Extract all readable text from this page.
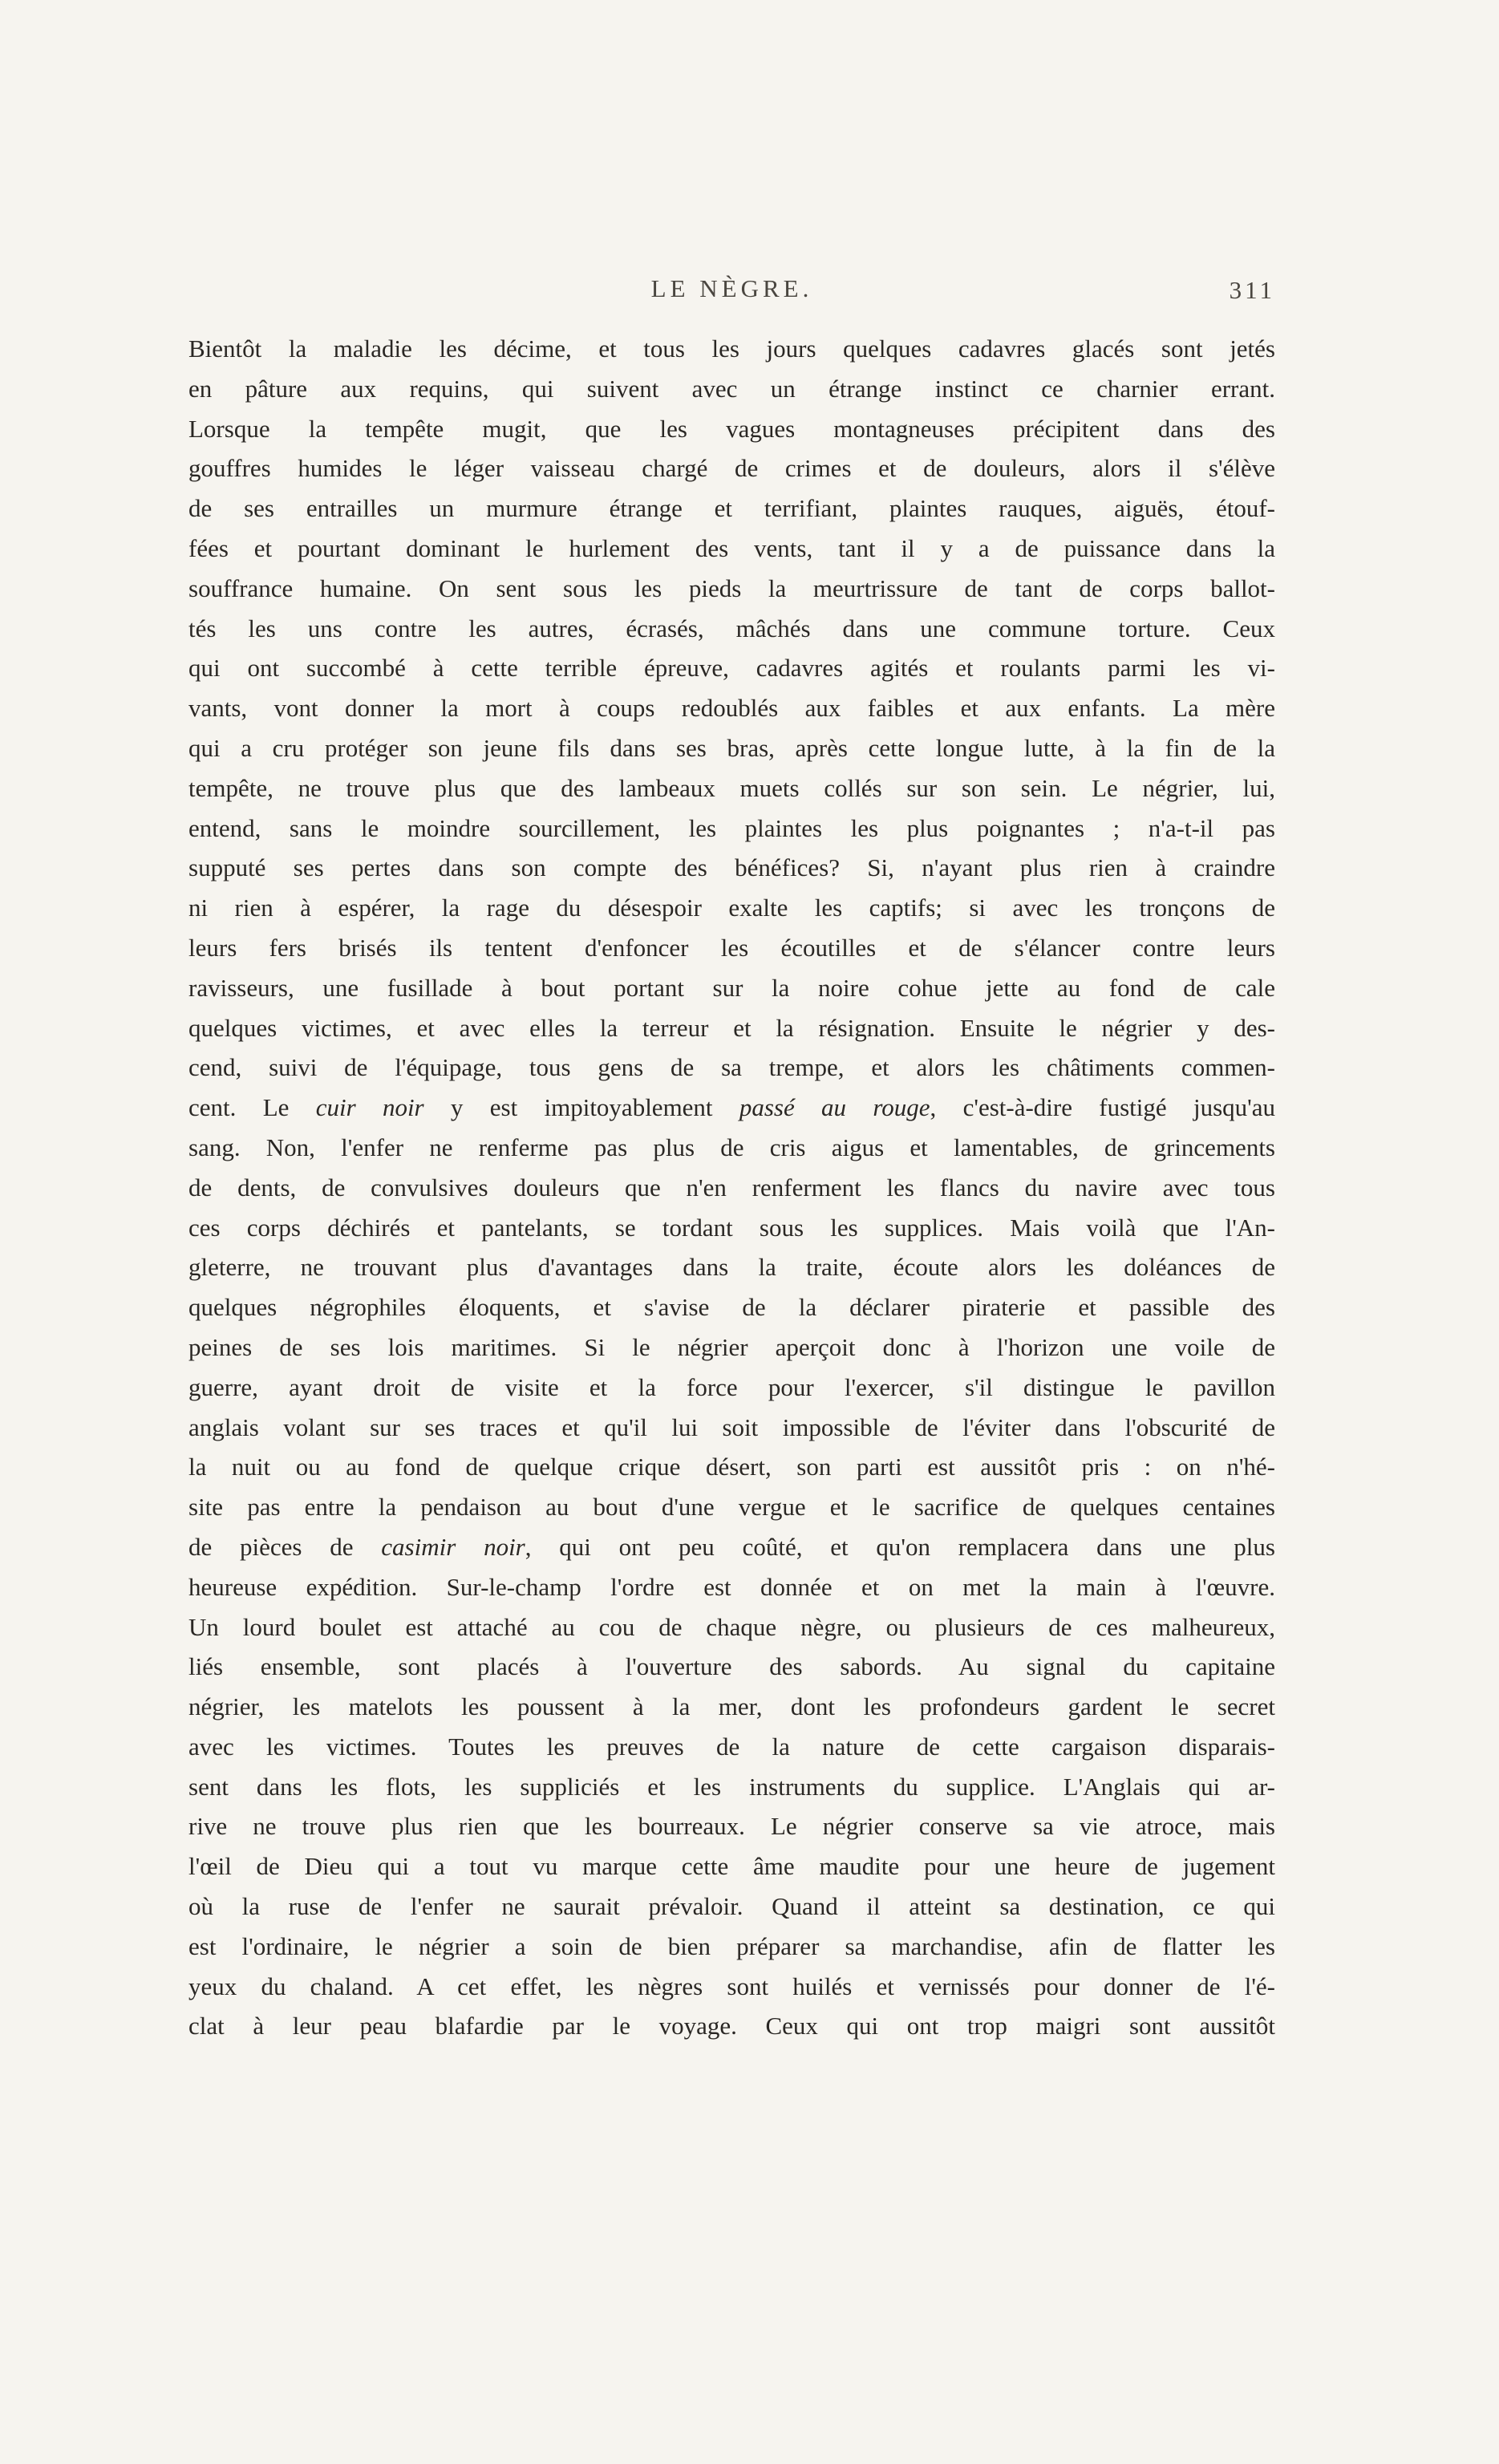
LE NÈGRE.	311
Bientôt la maladie les décime, et tous les jours quelques cadavres glacés sont jetés
en pâture aux requins, qui suivent avec un étrange instinct ce charnier errant.
Lorsque la tempête mugit, que les vagues montagneuses précipitent dans des
gouffres humides le léger vaisseau chargé de crimes et de douleurs, alors il s'élève
de ses entrailles un murmure étrange et terrifiant, plaintes rauques, aiguës, étouf-
fées et pourtant dominant le hurlement des vents, tant il y a de puissance dans la
souffrance humaine. On sent sous les pieds la meurtrissure de tant de corps ballot-
tés les uns contre les autres, écrasés, mâchés dans une commune torture. Ceux
qui ont succombé à cette terrible épreuve, cadavres agités et roulants parmi les vi-
vants, vont donner la mort à coups redoublés aux faibles et aux enfants. La mère
qui a cru protéger son jeune fils dans ses bras, après cette longue lutte, à la fin de la
tempête, ne trouve plus que des lambeaux muets collés sur son sein. Le négrier, lui,
entend, sans le moindre sourcillement, les plaintes les plus poignantes ; n'a-t-il pas
supputé ses pertes dans son compte des bénéfices? Si, n'ayant plus rien à craindre
ni rien à espérer, la rage du désespoir exalte les captifs; si avec les tronçons de
leurs fers brisés ils tentent d'enfoncer les écoutilles et de s'élancer contre leurs
ravisseurs, une fusillade à bout portant sur la noire cohue jette au fond de cale
quelques victimes, et avec elles la terreur et la résignation. Ensuite le négrier y des-
cend, suivi de l'équipage, tous gens de sa trempe, et alors les châtiments commen-
cent. Le cuir noir y est impitoyablement passé au rouge, c'est-à-dire fustigé jusqu'au
sang. Non, l'enfer ne renferme pas plus de cris aigus et lamentables, de grincements
de dents, de convulsives douleurs que n'en renferment les flancs du navire avec tous
ces corps déchirés et pantelants, se tordant sous les supplices. Mais voilà que l'An-
gleterre, ne trouvant plus d'avantages dans la traite, écoute alors les doléances de
quelques négrophiles éloquents, et s'avise de la déclarer piraterie et passible des
peines de ses lois maritimes. Si le négrier aperçoit donc à l'horizon une voile de
guerre, ayant droit de visite et la force pour l'exercer, s'il distingue le pavillon
anglais volant sur ses traces et qu'il lui soit impossible de l'éviter dans l'obscurité de
la nuit ou au fond de quelque crique désert, son parti est aussitôt pris : on n'hé-
site pas entre la pendaison au bout d'une vergue et le sacrifice de quelques centaines
de pièces de casimir noir, qui ont peu coûté, et qu'on remplacera dans une plus
heureuse expédition. Sur-le-champ l'ordre est donnée et on met la main à l'œuvre.
Un lourd boulet est attaché au cou de chaque nègre, ou plusieurs de ces malheureux,
liés ensemble, sont placés à l'ouverture des sabords. Au signal du capitaine
négrier, les matelots les poussent à la mer, dont les profondeurs gardent le secret
avec les victimes. Toutes les preuves de la nature de cette cargaison disparais-
sent dans les flots, les suppliciés et les instruments du supplice. L'Anglais qui ar-
rive ne trouve plus rien que les bourreaux. Le négrier conserve sa vie atroce, mais
l'œil de Dieu qui a tout vu marque cette âme maudite pour une heure de jugement
où la ruse de l'enfer ne saurait prévaloir. Quand il atteint sa destination, ce qui
est l'ordinaire, le négrier a soin de bien préparer sa marchandise, afin de flatter les
yeux du chaland. A cet effet, les nègres sont huilés et vernissés pour donner de l'é-
clat à leur peau blafardie par le voyage. Ceux qui ont trop maigri sont aussitôt
